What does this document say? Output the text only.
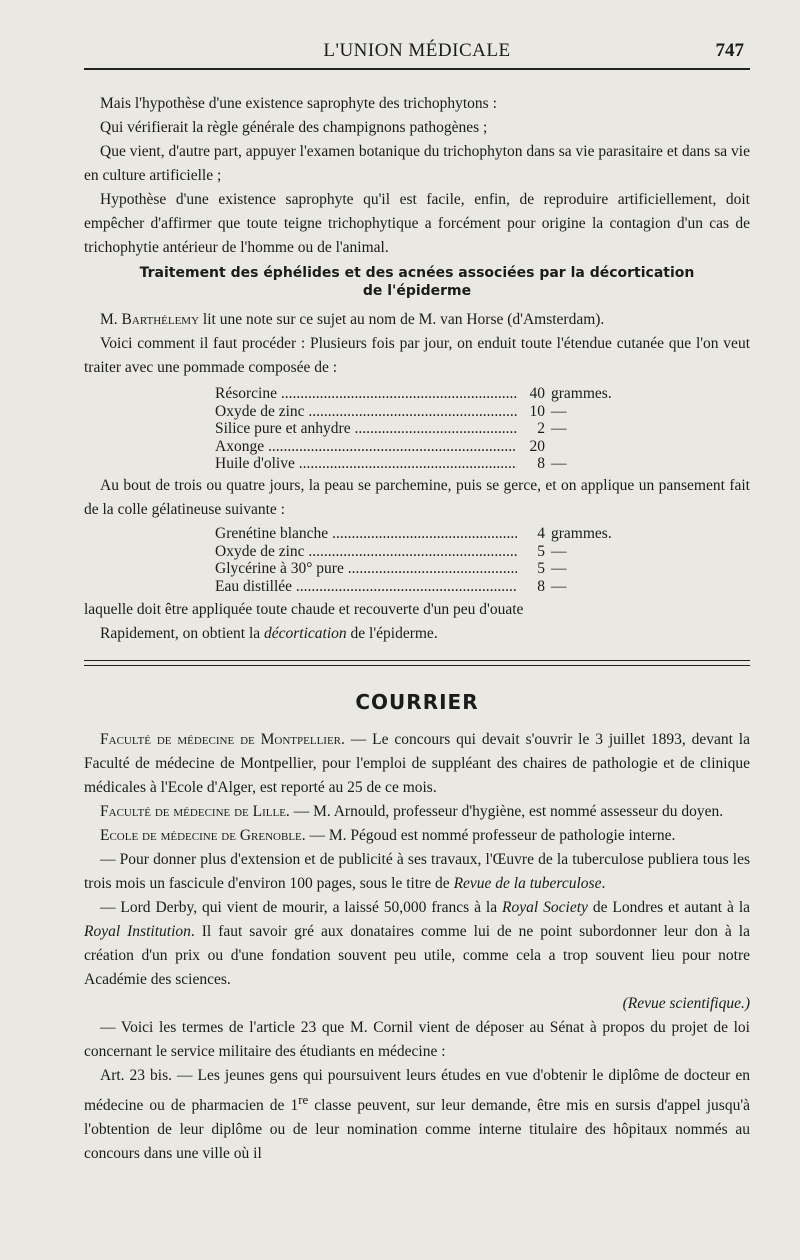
L'UNION MÉDICALE	747

Mais l'hypothèse d'une existence saprophyte des trichophytons :

Qui vérifierait la règle générale des champignons pathogènes ;

Que vient, d'autre part, appuyer l'examen botanique du trichophyton dans sa vie parasitaire et dans sa vie en culture artificielle ;

Hypothèse d'une existence saprophyte qu'il est facile, enfin, de reproduire artificiellement, doit empêcher d'affirmer que toute teigne trichophytique a forcément pour origine la contagion d'un cas de trichophytie antérieur de l'homme ou de l'animal.

Traitement des éphélides et des acnées associées par la décortication
de l'épiderme

M. Barthélemy lit une note sur ce sujet au nom de M. van Horse (d'Amsterdam).

Voici comment il faut procéder : Plusieurs fois par jour, on enduit toute l'étendue cutanée que l'on veut traiter avec une pommade composée de :

Résorcine .....	40 grammes.
Oxyde de zinc .....	10 —
Silice pure et anhydre .....	2 —
Axonge .....	20
Huile d'olive .....	8 —

Au bout de trois ou quatre jours, la peau se parchemine, puis se gerce, et on applique un pansement fait de la colle gélatineuse suivante :

Grenétine blanche .....	4 grammes.
Oxyde de zinc .....	5 —
Glycérine à 30° pure .....	5 —
Eau distillée .....	8 —

laquelle doit être appliquée toute chaude et recouverte d'un peu d'ouate

Rapidement, on obtient la décortication de l'épiderme.

COURRIER

Faculté de médecine de Montpellier. — Le concours qui devait s'ouvrir le 3 juillet 1893, devant la Faculté de médecine de Montpellier, pour l'emploi de suppléant des chaires de pathologie et de clinique médicales à l'Ecole d'Alger, est reporté au 25 de ce mois.

Faculté de médecine de Lille. — M. Arnould, professeur d'hygiène, est nommé assesseur du doyen.

Ecole de médecine de Grenoble. — M. Pégoud est nommé professeur de pathologie interne.

— Pour donner plus d'extension et de publicité à ses travaux, l'Œuvre de la tuberculose publiera tous les trois mois un fascicule d'environ 100 pages, sous le titre de Revue de la tuberculose.

— Lord Derby, qui vient de mourir, a laissé 50,000 francs à la Royal Society de Londres et autant à la Royal Institution. Il faut savoir gré aux donataires comme lui de ne point subordonner leur don à la création d'un prix ou d'une fondation souvent peu utile, comme cela a trop souvent lieu pour notre Académie des sciences.

(Revue scientifique.)

— Voici les termes de l'article 23 que M. Cornil vient de déposer au Sénat à propos du projet de loi concernant le service militaire des étudiants en médecine :

Art. 23 bis. — Les jeunes gens qui poursuivent leurs études en vue d'obtenir le diplôme de docteur en médecine ou de pharmacien de 1re classe peuvent, sur leur demande, être mis en sursis d'appel jusqu'à l'obtention de leur diplôme ou de leur nomination comme interne titulaire des hôpitaux nommés au concours dans une ville où il
